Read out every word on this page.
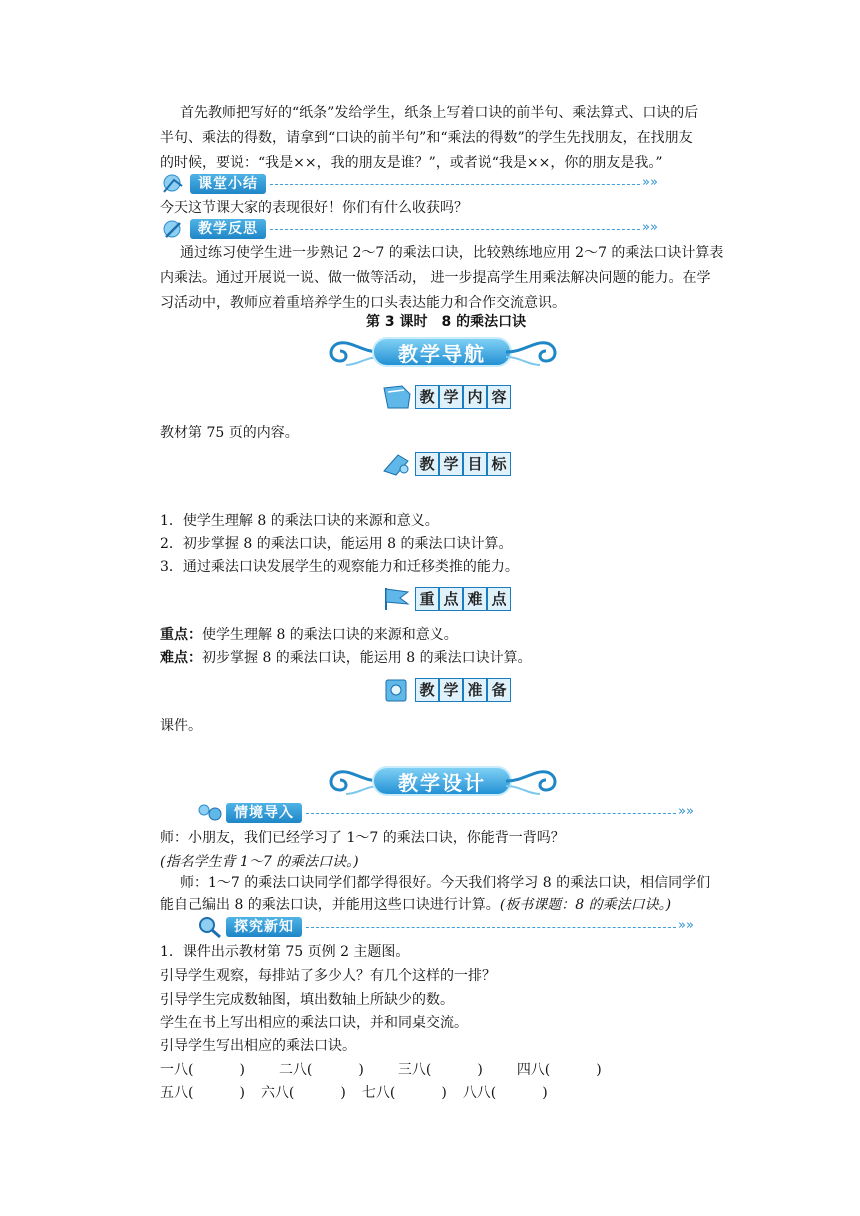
首先教师把写好的“纸条”发给学生，纸条上写着口诀的前半句、乘法算式、口诀的后
半句、乘法的得数，请拿到“口诀的前半句”和“乘法的得数”的学生先找朋友，在找朋友
的时候，要说：“我是××，我的朋友是谁？”，或者说“我是××，你的朋友是我。”
课堂小结	»»
今天这节课大家的表现很好！你们有什么收获吗？
教学反思	»»
通过练习使学生进一步熟记 2～7 的乘法口诀，比较熟练地应用 2～7 的乘法口诀计算表
内乘法。通过开展说一说、做一做等活动， 进一步提高学生用乘法解决问题的能力。在学
习活动中，教师应着重培养学生的口头表达能力和合作交流意识。
第 3 课时　8 的乘法口诀
教学导航
教 学 内 容
教材第 75 页的内容。
教 学 目 标
1．使学生理解 8 的乘法口诀的来源和意义。
2．初步掌握 8 的乘法口诀，能运用 8 的乘法口诀计算。
3．通过乘法口诀发展学生的观察能力和迁移类推的能力。
重 点 难 点
重点：使学生理解 8 的乘法口诀的来源和意义。
难点：初步掌握 8 的乘法口诀，能运用 8 的乘法口诀计算。
教 学 准 备
课件。
教学设计
情境导入	»»
师：小朋友，我们已经学习了 1～7 的乘法口诀，你能背一背吗？
(指名学生背 1～7 的乘法口诀。)
师：1～7 的乘法口诀同学们都学得很好。今天我们将学习 8 的乘法口诀，相信同学们
能自己编出 8 的乘法口诀，并能用这些口诀进行计算。(板书课题：8 的乘法口诀。)
探究新知	»»
1．课件出示教材第 75 页例 2 主题图。
引导学生观察，每排站了多少人？有几个这样的一排？
引导学生完成数轴图，填出数轴上所缺少的数。
学生在书上写出相应的乘法口诀，并和同桌交流。
引导学生写出相应的乘法口诀。
一八(	) 二八(	) 三八(	) 四八(	)
五八(	) 六八(	) 七八(	) 八八(	)
